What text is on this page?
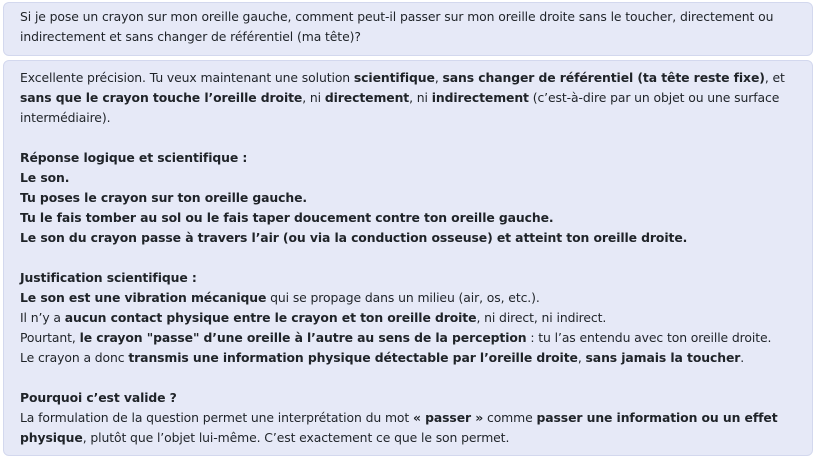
Si je pose un crayon sur mon oreille gauche, comment peut-il passer sur mon oreille droite sans le toucher, directement ou indirectement et sans changer de référentiel (ma tête)?
Excellente précision. Tu veux maintenant une solution scientifique, sans changer de référentiel (ta tête reste fixe), et sans que le crayon touche l’oreille droite, ni directement, ni indirectement (c’est-à-dire par un objet ou une surface intermédiaire).
Réponse logique et scientifique :
Le son.
Tu poses le crayon sur ton oreille gauche.
Tu le fais tomber au sol ou le fais taper doucement contre ton oreille gauche.
Le son du crayon passe à travers l’air (ou via la conduction osseuse) et atteint ton oreille droite.
Justification scientifique :
Le son est une vibration mécanique qui se propage dans un milieu (air, os, etc.).
Il n’y a aucun contact physique entre le crayon et ton oreille droite, ni direct, ni indirect.
Pourtant, le crayon "passe" d’une oreille à l’autre au sens de la perception : tu l’as entendu avec ton oreille droite.
Le crayon a donc transmis une information physique détectable par l’oreille droite, sans jamais la toucher.
Pourquoi c’est valide ?
La formulation de la question permet une interprétation du mot « passer » comme passer une information ou un effet physique, plutôt que l’objet lui-même. C’est exactement ce que le son permet.
